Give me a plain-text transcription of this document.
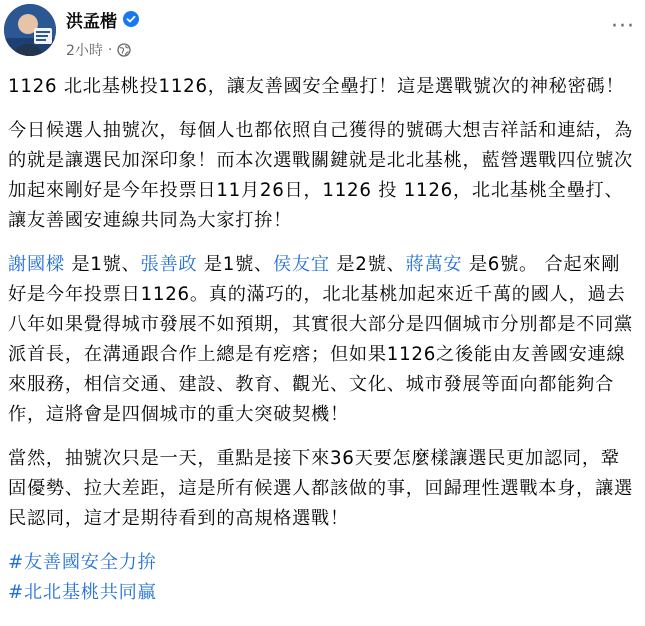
洪孟楷
2小時 ·
···

1126 北北基桃投1126，讓友善國安全壘打！這是選戰號次的神秘密碼！

今日候選人抽號次，每個人也都依照自己獲得的號碼大想吉祥話和連結，為的就是讓選民加深印象！而本次選戰關鍵就是北北基桃，藍營選戰四位號次加起來剛好是今年投票日11月26日，1126 投 1126，北北基桃全壘打、讓友善國安連線共同為大家打拚！

謝國樑 是1號、張善政 是1號、侯友宜 是2號、蔣萬安 是6號。 合起來剛好是今年投票日1126。真的滿巧的，北北基桃加起來近千萬的國人，過去八年如果覺得城市發展不如預期，其實很大部分是四個城市分別都是不同黨派首長，在溝通跟合作上總是有疙瘩；但如果1126之後能由友善國安連線來服務，相信交通、建設、教育、觀光、文化、城市發展等面向都能夠合作，這將會是四個城市的重大突破契機！

當然，抽號次只是一天，重點是接下來36天要怎麼樣讓選民更加認同，鞏固優勢、拉大差距，這是所有候選人都該做的事，回歸理性選戰本身，讓選民認同，這才是期待看到的高規格選戰！

#友善國安全力拚
#北北基桃共同贏
